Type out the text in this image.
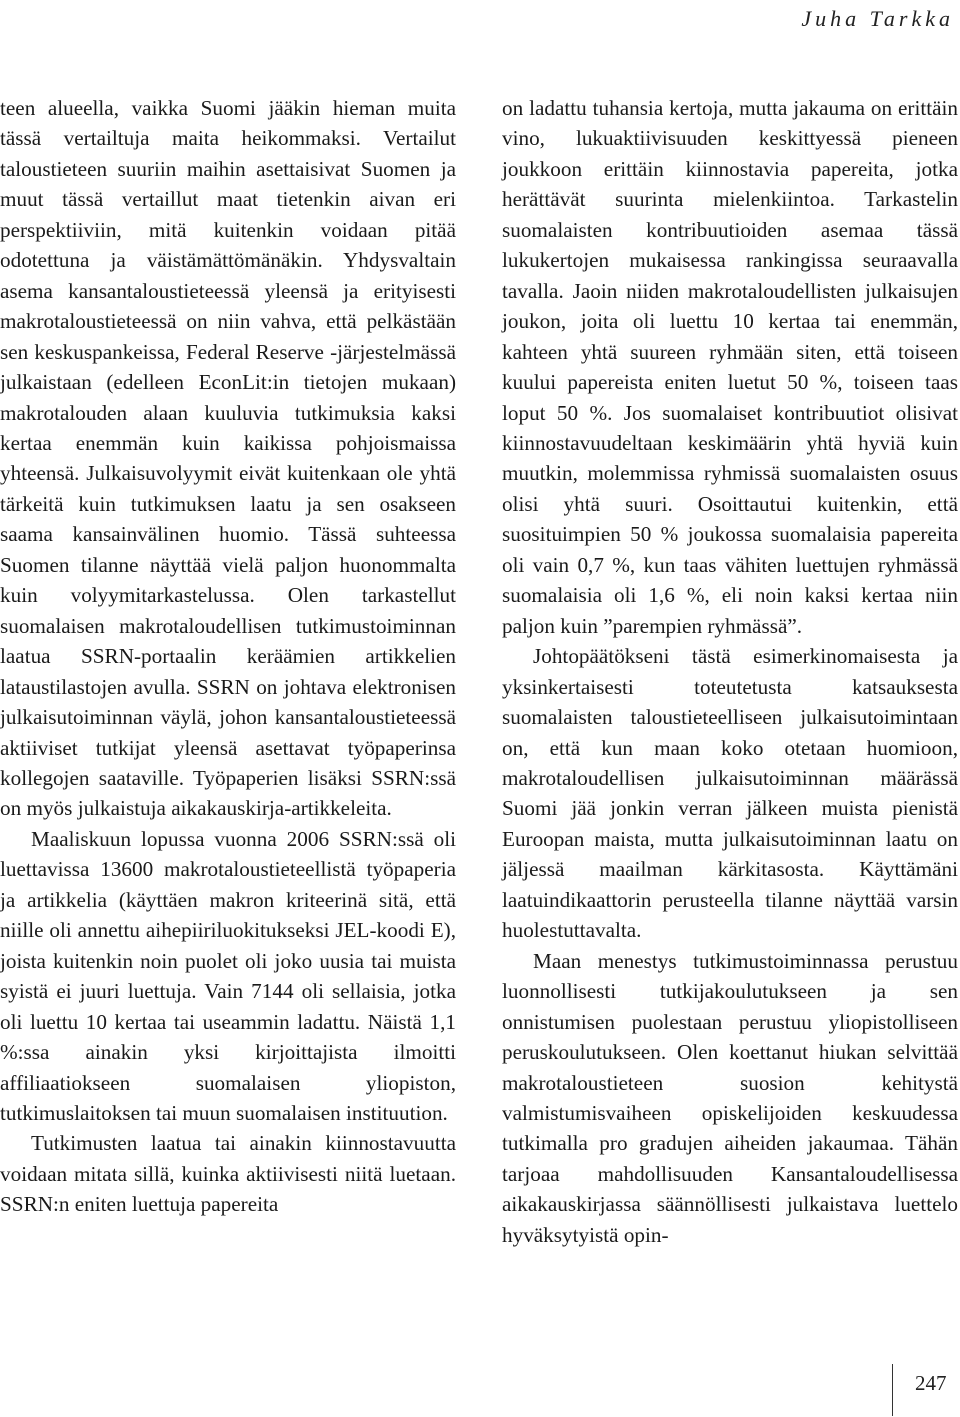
Juha Tarkka

teen alueella, vaikka Suomi jääkin hieman muita tässä vertailtuja maita heikommaksi. Vertailut taloustieteen suuriin maihin asettaisivat Suomen ja muut tässä vertaillut maat tietenkin aivan eri perspektiiviin, mitä kuitenkin voidaan pitää odotettuna ja väistämättömänäkin. Yhdysvaltain asema kansantaloustieteessä yleensä ja erityisesti makrotaloustieteessä on niin vahva, että pelkästään sen keskuspankeissa, Federal Reserve -järjestelmässä julkaistaan (edelleen EconLit:in tietojen mukaan) makrotalouden alaan kuuluvia tutkimuksia kaksi kertaa enemmän kuin kaikissa pohjoismaissa yhteensä. Julkaisuvolyymit eivät kuitenkaan ole yhtä tärkeitä kuin tutkimuksen laatu ja sen osakseen saama kansainvälinen huomio. Tässä suhteessa Suomen tilanne näyttää vielä paljon huonommalta kuin volyymitarkastelussa. Olen tarkastellut suomalaisen makrotaloudellisen tutkimustoiminnan laatua SSRN-portaalin keräämien artikkelien lataustilastojen avulla. SSRN on johtava elektronisen julkaisutoiminnan väylä, johon kansantaloustieteessä aktiiviset tutkijat yleensä asettavat työpaperinsa kollegojen saataville. Työpaperien lisäksi SSRN:ssä on myös julkaistuja aikakauskirja-artikkeleita.

Maaliskuun lopussa vuonna 2006 SSRN:ssä oli luettavissa 13600 makrotaloustieteellistä työpaperia ja artikkelia (käyttäen makron kriteerinä sitä, että niille oli annettu aihepiiriluokitukseksi JEL-koodi E), joista kuitenkin noin puolet oli joko uusia tai muista syistä ei juuri luettuja. Vain 7144 oli sellaisia, jotka oli luettu 10 kertaa tai useammin ladattu. Näistä 1,1 %:ssa ainakin yksi kirjoittajista ilmoitti affiliaatiokseen suomalaisen yliopiston, tutkimuslaitoksen tai muun suomalaisen instituution.

Tutkimusten laatua tai ainakin kiinnostavuutta voidaan mitata sillä, kuinka aktiivisesti niitä luetaan. SSRN:n eniten luettuja papereita

on ladattu tuhansia kertoja, mutta jakauma on erittäin vino, lukuaktiivisuuden keskittyessä pieneen joukkoon erittäin kiinnostavia papereita, jotka herättävät suurinta mielenkiintoa. Tarkastelin suomalaisten kontribuutioiden asemaa tässä lukukertojen mukaisessa rankingissa seuraavalla tavalla. Jaoin niiden makrotaloudellisten julkaisujen joukon, joita oli luettu 10 kertaa tai enemmän, kahteen yhtä suureen ryhmään siten, että toiseen kuului papereista eniten luetut 50 %, toiseen taas loput 50 %. Jos suomalaiset kontribuutiot olisivat kiinnostavuudeltaan keskimäärin yhtä hyviä kuin muutkin, molemmissa ryhmissä suomalaisten osuus olisi yhtä suuri. Osoittautui kuitenkin, että suosituimpien 50 % joukossa suomalaisia papereita oli vain 0,7 %, kun taas vähiten luettujen ryhmässä suomalaisia oli 1,6 %, eli noin kaksi kertaa niin paljon kuin ”parempien ryhmässä”.

Johtopäätökseni tästä esimerkinomaisesta ja yksinkertaisesti toteutetusta katsauksesta suomalaisten taloustieteelliseen julkaisutoimintaan on, että kun maan koko otetaan huomioon, makrotaloudellisen julkaisutoiminnan määrässä Suomi jää jonkin verran jälkeen muista pienistä Euroopan maista, mutta julkaisutoiminnan laatu on jäljessä maailman kärkitasosta. Käyttämäni laatuindikaattorin perusteella tilanne näyttää varsin huolestuttavalta.

Maan menestys tutkimustoiminnassa perustuu luonnollisesti tutkijakoulutukseen ja sen onnistumisen puolestaan perustuu yliopistolliseen peruskoulutukseen. Olen koettanut hiukan selvittää makrotaloustieteen suosion kehitystä valmistumisvaiheen opiskelijoiden keskuudessa tutkimalla pro gradujen aiheiden jakaumaa. Tähän tarjoaa mahdollisuuden Kansantaloudellisessa aikakauskirjassa säännöllisesti julkaistava luettelo hyväksytyistä opin-

247
